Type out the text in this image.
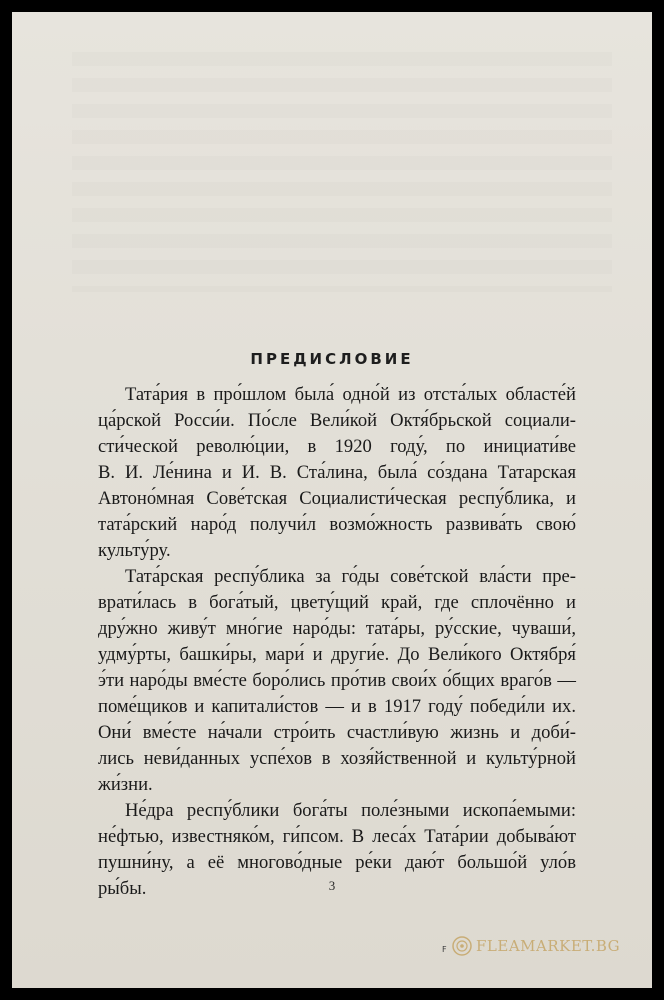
ПРЕДИСЛОВИЕ

Тата́рия в про́шлом была́ одно́й из отста́лых областе́й

ца́рской Росси́и. По́сле Вели́кой Октя́брьской социали-

сти́ческой револю́ции, в 1920 году́, по инициати́ве

В. И. Ле́нина и И. В. Ста́лина, была́ со́здана Татарская

Автоно́мная Сове́тская Социалисти́ческая респу́блика, и

тата́рский наро́д получи́л возмо́жность развива́ть свою́

культу́ру.

Тата́рская респу́блика за го́ды сове́тской вла́сти пре-

врати́лась в бога́тый, цвету́щий край, где сплочённо и

дру́жно живу́т мно́гие наро́ды: тата́ры, ру́сские, чуваши́,

удму́рты, башки́ры, мари́ и други́е. До Вели́кого Октября́

э́ти наро́ды вме́сте боро́лись про́тив свои́х о́бщих враго́в —

поме́щиков и капитали́стов — и в 1917 году́ победи́ли их.

Они́ вме́сте на́чали стро́ить счастли́вую жизнь и доби́-

лись неви́данных успе́хов в хозя́йственной и культу́рной

жи́зни.

Не́дра респу́блики бога́ты поле́зными ископа́емыми:

не́фтью, известняко́м, ги́псом. В леса́х Тата́рии добыва́ют

пушни́ну, а её многово́дные ре́ки даю́т большо́й уло́в

ры́бы.	3
F FLEAMARKET.BG
